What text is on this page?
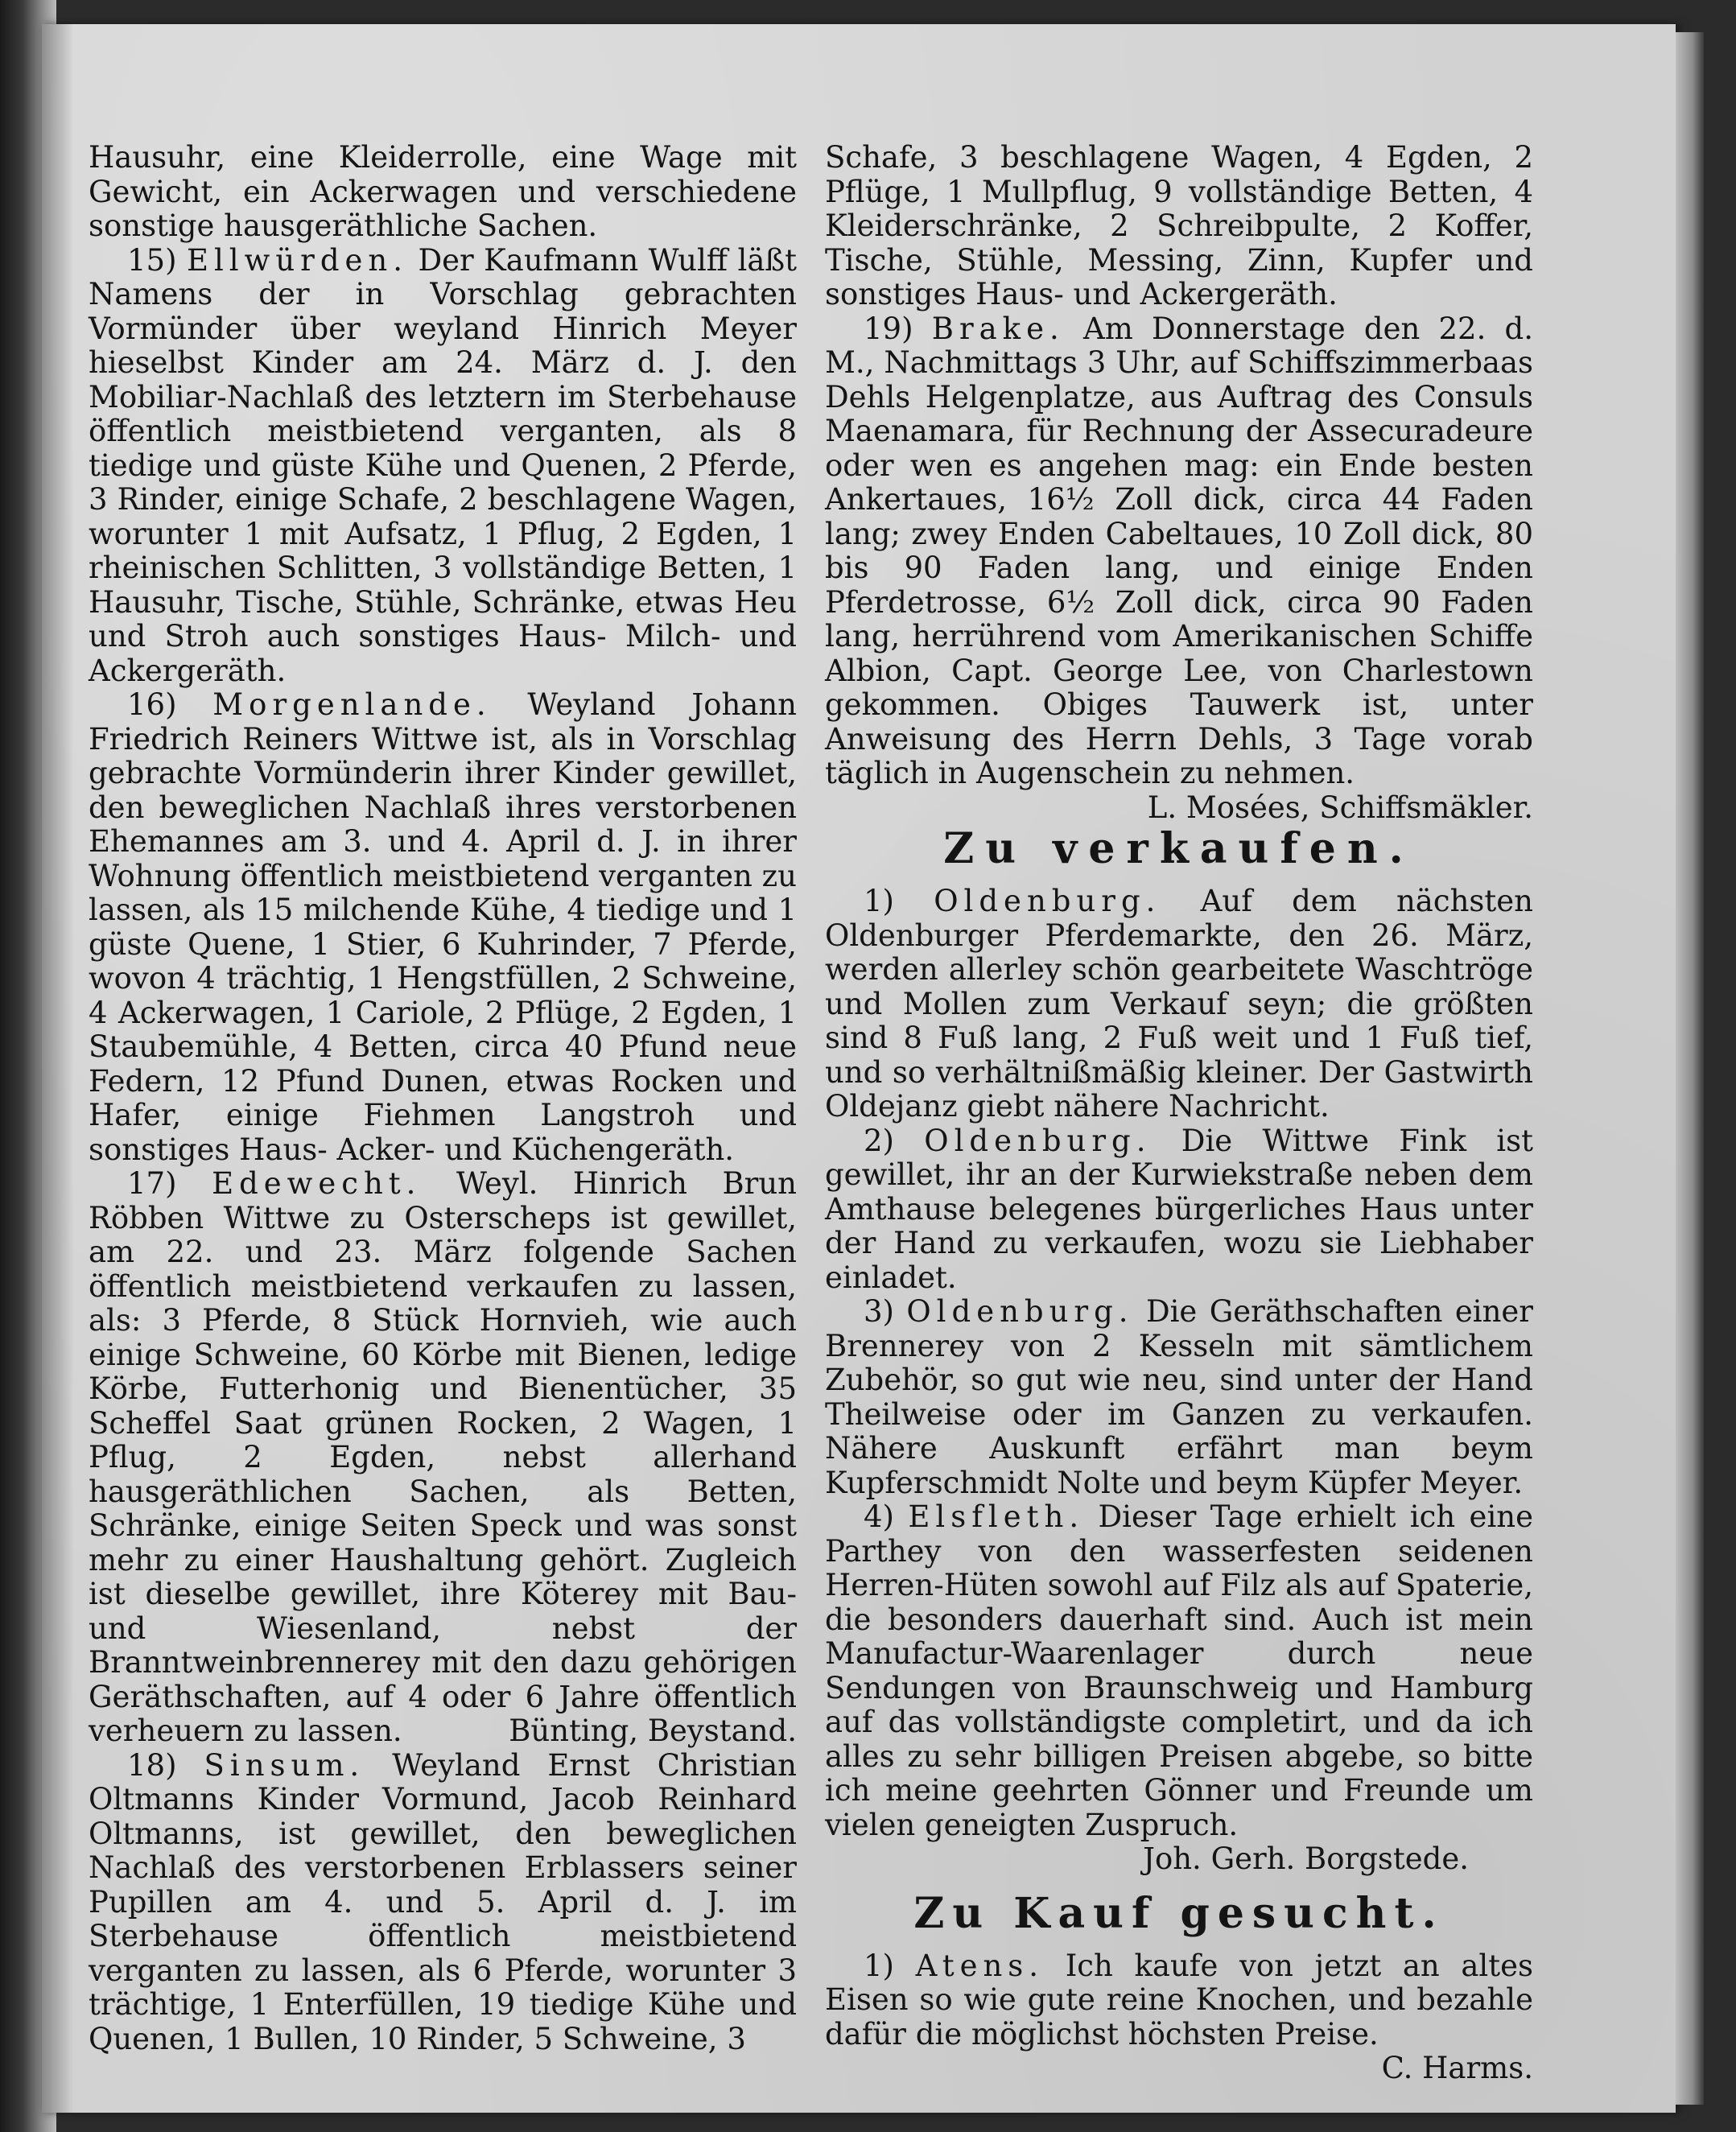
Hausuhr, eine Kleiderrolle, eine Wage mit Gewicht, ein Ackerwagen und verschiedene sonstige hausgeräthliche Sachen.

15) Ellwürden. Der Kaufmann Wulff läßt Namens der in Vorschlag gebrachten Vormünder über weyland Hinrich Meyer hieselbst Kinder am 24. März d. J. den Mobiliar-Nachlaß des letztern im Sterbehause öffentlich meistbietend verganten, als 8 tiedige und güste Kühe und Quenen, 2 Pferde, 3 Rinder, einige Schafe, 2 beschlagene Wagen, worunter 1 mit Aufsatz, 1 Pflug, 2 Egden, 1 rheinischen Schlitten, 3 vollständige Betten, 1 Hausuhr, Tische, Stühle, Schränke, etwas Heu und Stroh auch sonstiges Haus- Milch- und Ackergeräth.

16) Morgenlande. Weyland Johann Friedrich Reiners Wittwe ist, als in Vorschlag gebrachte Vormünderin ihrer Kinder gewillet, den beweglichen Nachlaß ihres verstorbenen Ehemannes am 3. und 4. April d. J. in ihrer Wohnung öffentlich meistbietend verganten zu lassen, als 15 milchende Kühe, 4 tiedige und 1 güste Quene, 1 Stier, 6 Kuhrinder, 7 Pferde, wovon 4 trächtig, 1 Hengstfüllen, 2 Schweine, 4 Ackerwagen, 1 Cariole, 2 Pflüge, 2 Egden, 1 Staubemühle, 4 Betten, circa 40 Pfund neue Federn, 12 Pfund Dunen, etwas Rocken und Hafer, einige Fiehmen Langstroh und sonstiges Haus- Acker- und Küchengeräth.

17) Edewecht. Weyl. Hinrich Brun Röbben Wittwe zu Osterscheps ist gewillet, am 22. und 23. März folgende Sachen öffentlich meistbietend verkaufen zu lassen, als: 3 Pferde, 8 Stück Hornvieh, wie auch einige Schweine, 60 Körbe mit Bienen, ledige Körbe, Futterhonig und Bienentücher, 35 Scheffel Saat grünen Rocken, 2 Wagen, 1 Pflug, 2 Egden, nebst allerhand hausgeräthlichen Sachen, als Betten, Schränke, einige Seiten Speck und was sonst mehr zu einer Haushaltung gehört. Zugleich ist dieselbe gewillet, ihre Köterey mit Bau- und Wiesenland, nebst der Branntweinbrennerey mit den dazu gehörigen Geräthschaften, auf 4 oder 6 Jahre öffentlich verheuern zu lassen.	Bünting, Beystand.

18) Sinsum. Weyland Ernst Christian Oltmanns Kinder Vormund, Jacob Reinhard Oltmanns, ist gewillet, den beweglichen Nachlaß des verstorbenen Erblassers seiner Pupillen am 4. und 5. April d. J. im Sterbehause öffentlich meistbietend verganten zu lassen, als 6 Pferde, worunter 3 trächtige, 1 Enterfüllen, 19 tiedige Kühe und Quenen, 1 Bullen, 10 Rinder, 5 Schweine, 3

Schafe, 3 beschlagene Wagen, 4 Egden, 2 Pflüge, 1 Mullpflug, 9 vollständige Betten, 4 Kleiderschränke, 2 Schreibpulte, 2 Koffer, Tische, Stühle, Messing, Zinn, Kupfer und sonstiges Haus- und Ackergeräth.

19) Brake. Am Donnerstage den 22. d. M., Nachmittags 3 Uhr, auf Schiffszimmerbaas Dehls Helgenplatze, aus Auftrag des Consuls Maenamara, für Rechnung der Assecuradeure oder wen es angehen mag: ein Ende besten Ankertaues, 16½ Zoll dick, circa 44 Faden lang; zwey Enden Cabeltaues, 10 Zoll dick, 80 bis 90 Faden lang, und einige Enden Pferdetrosse, 6½ Zoll dick, circa 90 Faden lang, herrührend vom Amerikanischen Schiffe Albion, Capt. George Lee, von Charlestown gekommen. Obiges Tauwerk ist, unter Anweisung des Herrn Dehls, 3 Tage vorab täglich in Augenschein zu nehmen.
L. Mosées, Schiffsmäkler.

Zu verkaufen.

1) Oldenburg. Auf dem nächsten Oldenburger Pferdemarkte, den 26. März, werden allerley schön gearbeitete Waschtröge und Mollen zum Verkauf seyn; die größten sind 8 Fuß lang, 2 Fuß weit und 1 Fuß tief, und so verhältnißmäßig kleiner. Der Gastwirth Oldejanz giebt nähere Nachricht.

2) Oldenburg. Die Wittwe Fink ist gewillet, ihr an der Kurwiekstraße neben dem Amthause belegenes bürgerliches Haus unter der Hand zu verkaufen, wozu sie Liebhaber einladet.

3) Oldenburg. Die Geräthschaften einer Brennerey von 2 Kesseln mit sämtlichem Zubehör, so gut wie neu, sind unter der Hand Theilweise oder im Ganzen zu verkaufen. Nähere Auskunft erfährt man beym Kupferschmidt Nolte und beym Küpfer Meyer.

4) Elsfleth. Dieser Tage erhielt ich eine Parthey von den wasserfesten seidenen Herren-Hüten sowohl auf Filz als auf Spaterie, die besonders dauerhaft sind. Auch ist mein Manufactur-Waarenlager durch neue Sendungen von Braunschweig und Hamburg auf das vollständigste completirt, und da ich alles zu sehr billigen Preisen abgebe, so bitte ich meine geehrten Gönner und Freunde um vielen geneigten Zuspruch.

Joh. Gerh. Borgstede.

Zu Kauf gesucht.

1) Atens. Ich kaufe von jetzt an altes Eisen so wie gute reine Knochen, und bezahle dafür die möglichst höchsten Preise.
C. Harms.
